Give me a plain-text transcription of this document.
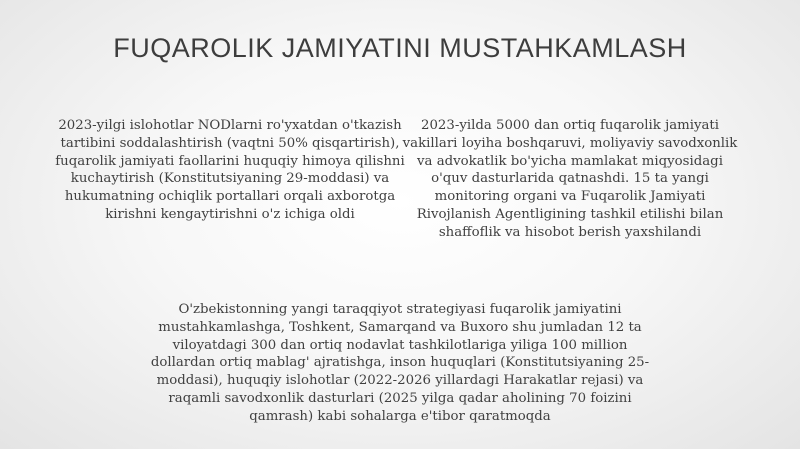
FUQAROLIK JAMIYATINI MUSTAHKAMLASH

2023-yilgi islohotlar NODlarni ro'yxatdan o'tkazish tartibini soddalashtirish (vaqtni 50% qisqartirish), fuqarolik jamiyati faollarini huquqiy himoya qilishni kuchaytirish (Konstitutsiyaning 29-moddasi) va hukumatning ochiqlik portallari orqali axborotga kirishni kengaytirishni o'z ichiga oldi

2023-yilda 5000 dan ortiq fuqarolik jamiyati vakillari loyiha boshqaruvi, moliyaviy savodxonlik va advokatlik bo'yicha mamlakat miqyosidagi o'quv dasturlarida qatnashdi. 15 ta yangi monitoring organi va Fuqarolik Jamiyati Rivojlanish Agentligining tashkil etilishi bilan shaffoflik va hisobot berish yaxshilandi

O'zbekistonning yangi taraqqiyot strategiyasi fuqarolik jamiyatini mustahkamlashga, Toshkent, Samarqand va Buxoro shu jumladan 12 ta viloyatdagi 300 dan ortiq nodavlat tashkilotlariga yiliga 100 million dollardan ortiq mablag' ajratishga, inson huquqlari (Konstitutsiyaning 25-moddasi), huquqiy islohotlar (2022-2026 yillardagi Harakatlar rejasi) va raqamli savodxonlik dasturlari (2025 yilga qadar aholining 70 foizini qamrash) kabi sohalarga e'tibor qaratmoqda
